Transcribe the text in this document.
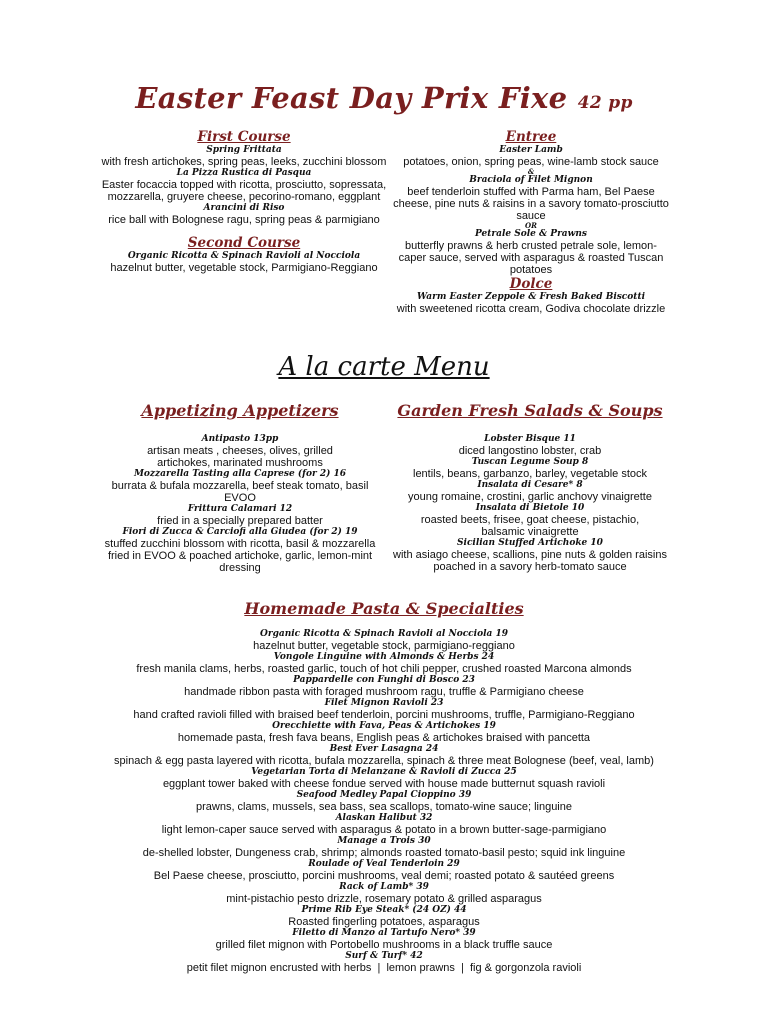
Easter Feast Day Prix Fixe 42 pp
First Course
Spring Frittata
with fresh artichokes, spring peas, leeks, zucchini blossom
La Pizza Rustica di Pasqua
Easter focaccia topped with ricotta, prosciutto, sopressata, mozzarella, gruyere cheese, pecorino-romano, eggplant
Arancini di Riso
rice ball with Bolognese ragu, spring peas & parmigiano
Second Course
Organic Ricotta & Spinach Ravioli al Nocciola
hazelnut butter, vegetable stock, Parmigiano-Reggiano
Entree
Easter Lamb
potatoes, onion, spring peas, wine-lamb stock sauce
&
Braciola of Filet Mignon
beef tenderloin stuffed with Parma ham, Bel Paese cheese, pine nuts & raisins in a savory tomato-prosciutto sauce
OR
Petrale Sole & Prawns
butterfly prawns & herb crusted petrale sole, lemon-caper sauce, served with asparagus & roasted Tuscan potatoes
Dolce
Warm Easter Zeppole & Fresh Baked Biscotti
with sweetened ricotta cream, Godiva chocolate drizzle
A la carte Menu
Appetizing Appetizers
Antipasto 13pp
artisan meats , cheeses, olives, grilled artichokes, marinated mushrooms
Mozzarella Tasting alla Caprese (for 2) 16
burrata & bufala mozzarella, beef steak tomato, basil EVOO
Frittura Calamari 12
fried in a specially prepared batter
Fiori di Zucca & Carciofi alla Giudea (for 2) 19
stuffed zucchini blossom with ricotta, basil & mozzarella fried in EVOO & poached artichoke, garlic, lemon-mint dressing
Garden Fresh Salads & Soups
Lobster Bisque 11
diced langostino lobster, crab
Tuscan Legume Soup 8
lentils, beans, garbanzo, barley, vegetable stock
Insalata di Cesare* 8
young romaine, crostini, garlic anchovy vinaigrette
Insalata di Bietole 10
roasted beets, frisee, goat cheese, pistachio, balsamic vinaigrette
Sicilian Stuffed Artichoke 10
with asiago cheese, scallions, pine nuts & golden raisins poached in a savory herb-tomato sauce
Homemade Pasta & Specialties
Organic Ricotta & Spinach Ravioli al Nocciola 19
hazelnut butter, vegetable stock, parmigiano-reggiano
Vongole Linguine with Almonds & Herbs 24
fresh manila clams, herbs, roasted garlic, touch of hot chili pepper, crushed roasted Marcona almonds
Pappardelle con Funghi di Bosco 23
handmade ribbon pasta with foraged mushroom ragu, truffle & Parmigiano cheese
Filet Mignon Ravioli 23
hand crafted ravioli filled with braised beef tenderloin, porcini mushrooms, truffle, Parmigiano-Reggiano
Orecchiette with Fava, Peas & Artichokes 19
homemade pasta, fresh fava beans, English peas & artichokes braised with pancetta
Best Ever Lasagna 24
spinach & egg pasta layered with ricotta, bufala mozzarella, spinach & three meat Bolognese (beef, veal, lamb)
Vegetarian Torta di Melanzane & Ravioli di Zucca 25
eggplant tower baked with cheese fondue served with house made butternut squash ravioli
Seafood Medley Papal Cioppino 39
prawns, clams, mussels, sea bass, sea scallops, tomato-wine sauce; linguine
Alaskan Halibut 32
light lemon-caper sauce served with asparagus & potato in a brown butter-sage-parmigiano
Manage a Trois 30
de-shelled lobster, Dungeness crab, shrimp; almonds roasted tomato-basil pesto; squid ink linguine
Roulade of Veal Tenderloin 29
Bel Paese cheese, prosciutto, porcini mushrooms, veal demi; roasted potato & sautéed greens
Rack of Lamb* 39
mint-pistachio pesto drizzle, rosemary potato & grilled asparagus
Prime Rib Eye Steak* (24 OZ) 44
Roasted fingerling potatoes, asparagus
Filetto di Manzo al Tartufo Nero* 39
grilled filet mignon with Portobello mushrooms in a black truffle sauce
Surf & Turf* 42
petit filet mignon encrusted with herbs  |  lemon prawns  |  fig & gorgonzola ravioli
